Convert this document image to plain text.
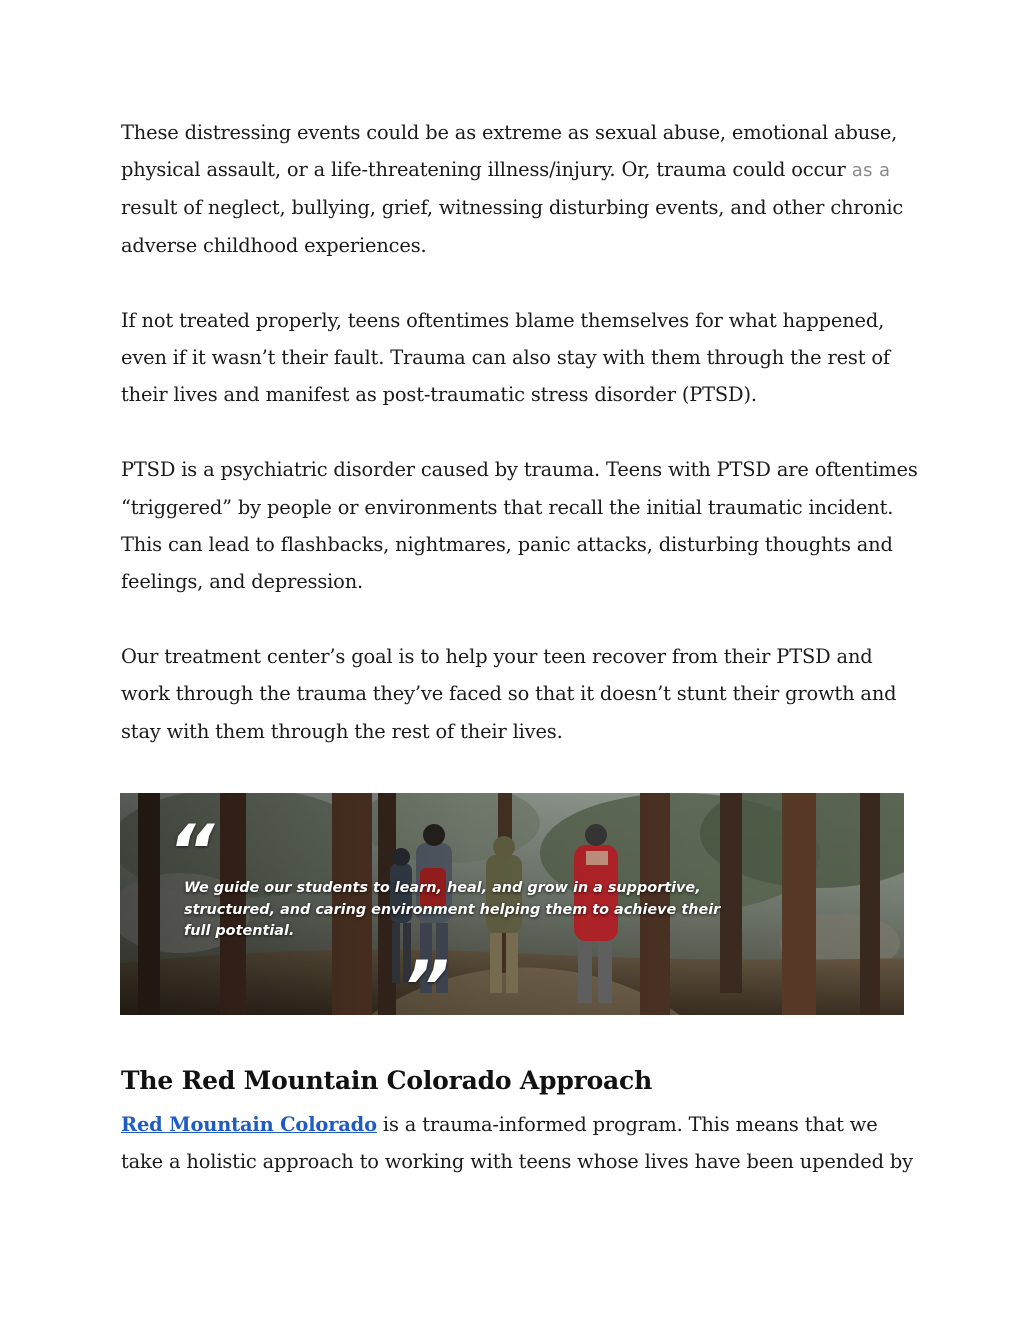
These distressing events could be as extreme as sexual abuse, emotional abuse,
physical assault, or a life-threatening illness/injury. Or, trauma could occur as a
result of neglect, bullying, grief, witnessing disturbing events, and other chronic
adverse childhood experiences.

If not treated properly, teens oftentimes blame themselves for what happened,
even if it wasn’t their fault. Trauma can also stay with them through the rest of
their lives and manifest as post-traumatic stress disorder (PTSD).

PTSD is a psychiatric disorder caused by trauma. Teens with PTSD are oftentimes
“triggered” by people or environments that recall the initial traumatic incident.
This can lead to flashbacks, nightmares, panic attacks, disturbing thoughts and
feelings, and depression.

Our treatment center’s goal is to help your teen recover from their PTSD and
work through the trauma they’ve faced so that it doesn’t stunt their growth and
stay with them through the rest of their lives.

“
We guide our students to learn, heal, and grow in a supportive,
structured, and caring environment helping them to achieve their
full potential.
”
The Red Mountain Colorado Approach

Red Mountain Colorado is a trauma-informed program. This means that we
take a holistic approach to working with teens whose lives have been upended by
